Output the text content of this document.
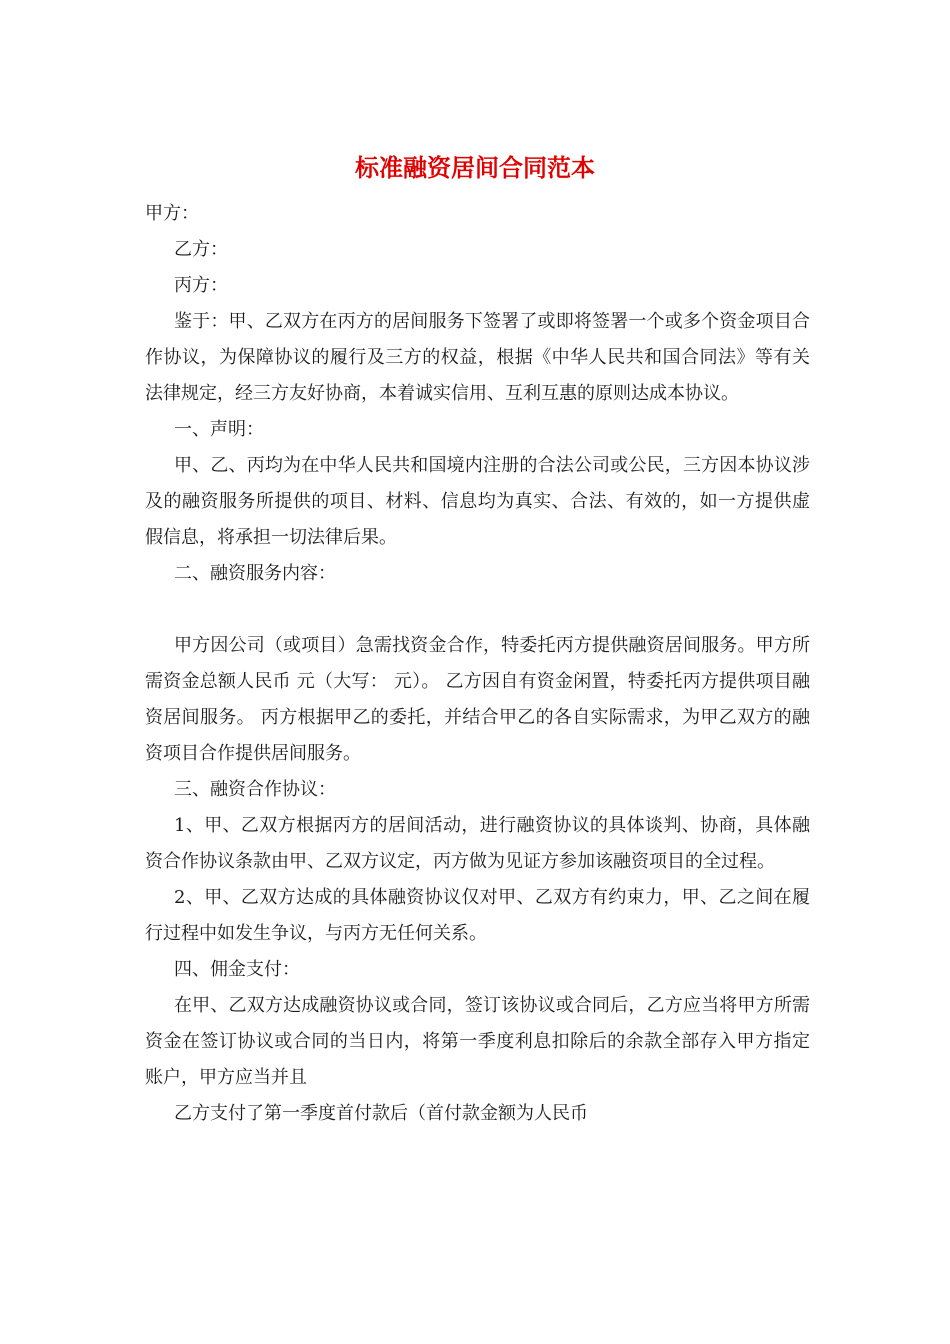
标准融资居间合同范本

甲方：

乙方：

丙方：

鉴于：甲、乙双方在丙方的居间服务下签署了或即将签署一个或多个资金项目合作协议，为保障协议的履行及三方的权益，根据《中华人民共和国合同法》等有关法律规定，经三方友好协商，本着诚实信用、互利互惠的原则达成本协议。

一、声明：

甲、乙、丙均为在中华人民共和国境内注册的合法公司或公民，三方因本协议涉及的融资服务所提供的项目、材料、信息均为真实、合法、有效的，如一方提供虚假信息，将承担一切法律后果。

二、融资服务内容：

甲方因公司（或项目）急需找资金合作，特委托丙方提供融资居间服务。甲方所需资金总额人民币 元（大写： 元）。 乙方因自有资金闲置，特委托丙方提供项目融资居间服务。 丙方根据甲乙的委托，并结合甲乙的各自实际需求，为甲乙双方的融资项目合作提供居间服务。

三、融资合作协议：

1、甲、乙双方根据丙方的居间活动，进行融资协议的具体谈判、协商，具体融资合作协议条款由甲、乙双方议定，丙方做为见证方参加该融资项目的全过程。

2、甲、乙双方达成的具体融资协议仅对甲、乙双方有约束力，甲、乙之间在履行过程中如发生争议，与丙方无任何关系。

四、佣金支付：

在甲、乙双方达成融资协议或合同，签订该协议或合同后，乙方应当将甲方所需资金在签订协议或合同的当日内，将第一季度利息扣除后的余款全部存入甲方指定账户，甲方应当并且

乙方支付了第一季度首付款后（首付款金额为人民币
